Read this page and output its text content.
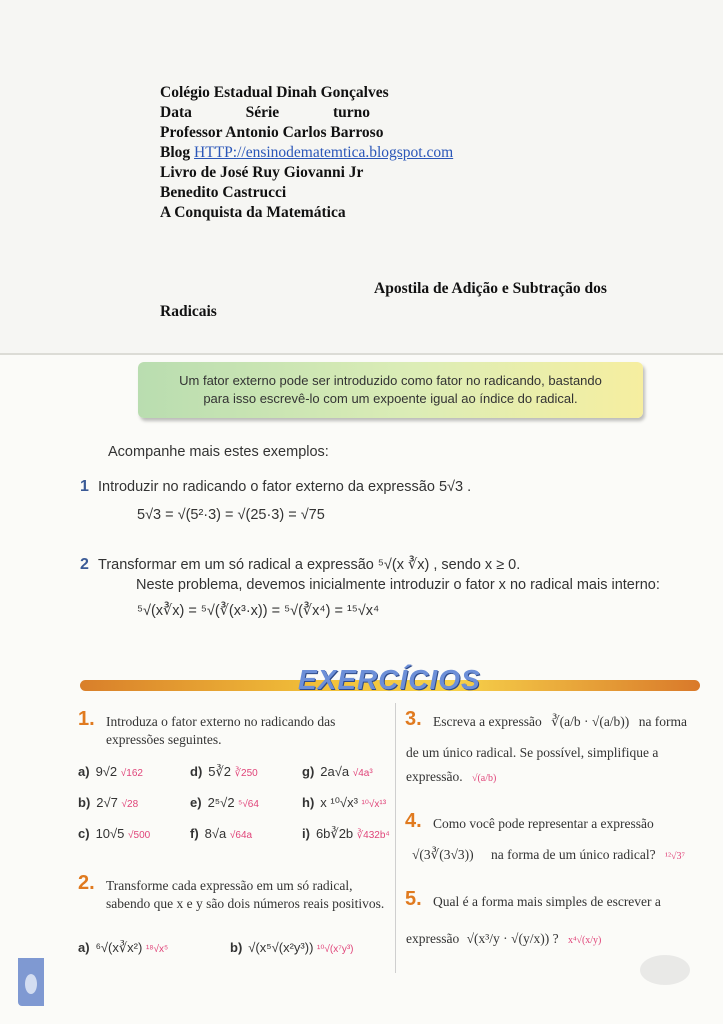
Colégio Estadual Dinah Gonçalves
Data	Série	turno
Professor Antonio Carlos Barroso
Blog HTTP://ensinodematemtica.blogspot.com
Livro de José Ruy Giovanni Jr
Benedito Castrucci
A Conquista da Matemática
Apostila de Adição e Subtração dos
Radicais
Um fator externo pode ser introduzido como fator no radicando, bastando
para isso escrevê-lo com um expoente igual ao índice do radical.
Acompanhe mais estes exemplos:
1 Introduzir no radicando o fator externo da expressão 5√3 .
5√3 = √(5²·3) = √(25·3) = √75
2 Transformar em um só radical a expressão ⁵√(x ∛x) , sendo x ≥ 0.
Neste problema, devemos inicialmente introduzir o fator x no radical mais interno:
⁵√(x∛x) = ⁵√(∛(x³·x)) = ⁵√(∛x⁴) = ¹⁵√x⁴
EXERCÍCIOS
1. Introduza o fator externo no radicando das expressões seguintes.
a) 9√2 √162
b) 2√7 √28
c) 10√5 √500
d) 5∛2 ∛250
e) 2⁵√2 ⁵√64
f) 8√a √64a
g) 2a√a √4a³
h) x ¹⁰√x³ ¹⁰√x¹³
i) 6b∛2b ∛432b⁴
2. Transforme cada expressão em um só radical, sabendo que x e y são dois números reais positivos.
a) ⁶√(x∛x²) ¹⁸√x⁵	b) √(x⁵√(x²y³)) ¹⁰√(x⁷y³)
3. Escreva a expressão ∛(a/b · √(a/b)) na forma
de um único radical. Se possível, simplifique a
expressão. √(a/b)
4. Como você pode representar a expressão
√(3∛(3√3)) na forma de um único radical? ¹²√3⁷
5. Qual é a forma mais simples de escrever a
expressão √(x³/y · √(y/x)) ? x⁴√(x/y)
